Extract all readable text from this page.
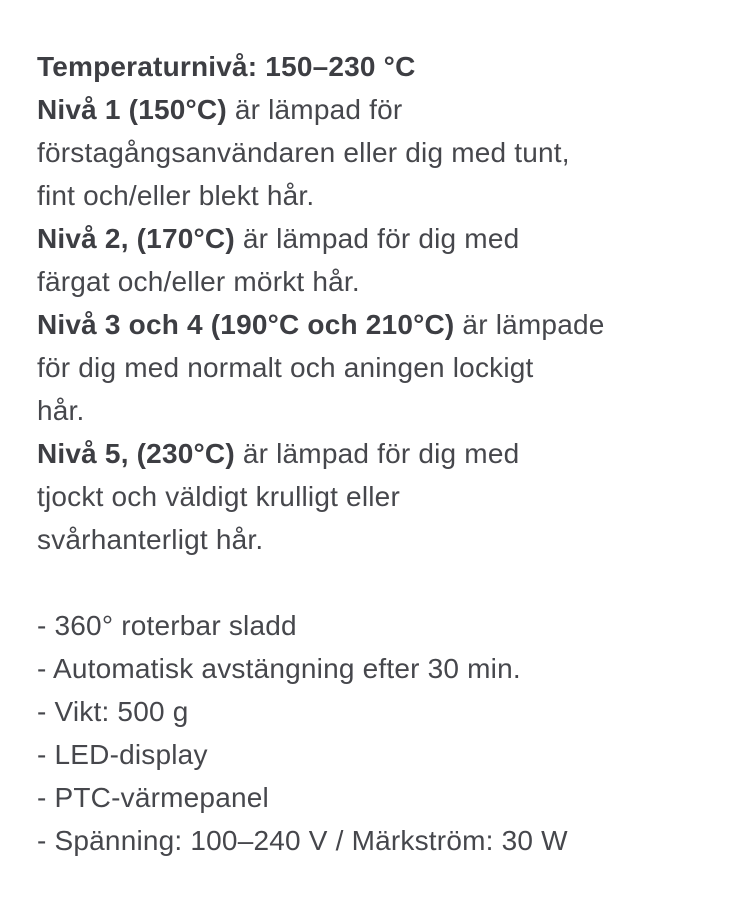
Temperaturnivå: 150–230 °C
Nivå 1 (150°C) är lämpad för
förstagångsanvändaren eller dig med tunt,
fint och/eller blekt hår.
Nivå 2, (170°C) är lämpad för dig med
färgat och/eller mörkt hår.
Nivå 3 och 4 (190°C och 210°C) är lämpade
för dig med normalt och aningen lockigt
hår.
Nivå 5, (230°C) är lämpad för dig med
tjockt och väldigt krulligt eller
svårhanterligt hår.
- 360° roterbar sladd
- Automatisk avstängning efter 30 min.
- Vikt: 500 g
- LED-display
- PTC-värmepanel
- Spänning: 100–240 V / Märkström: 30 W
